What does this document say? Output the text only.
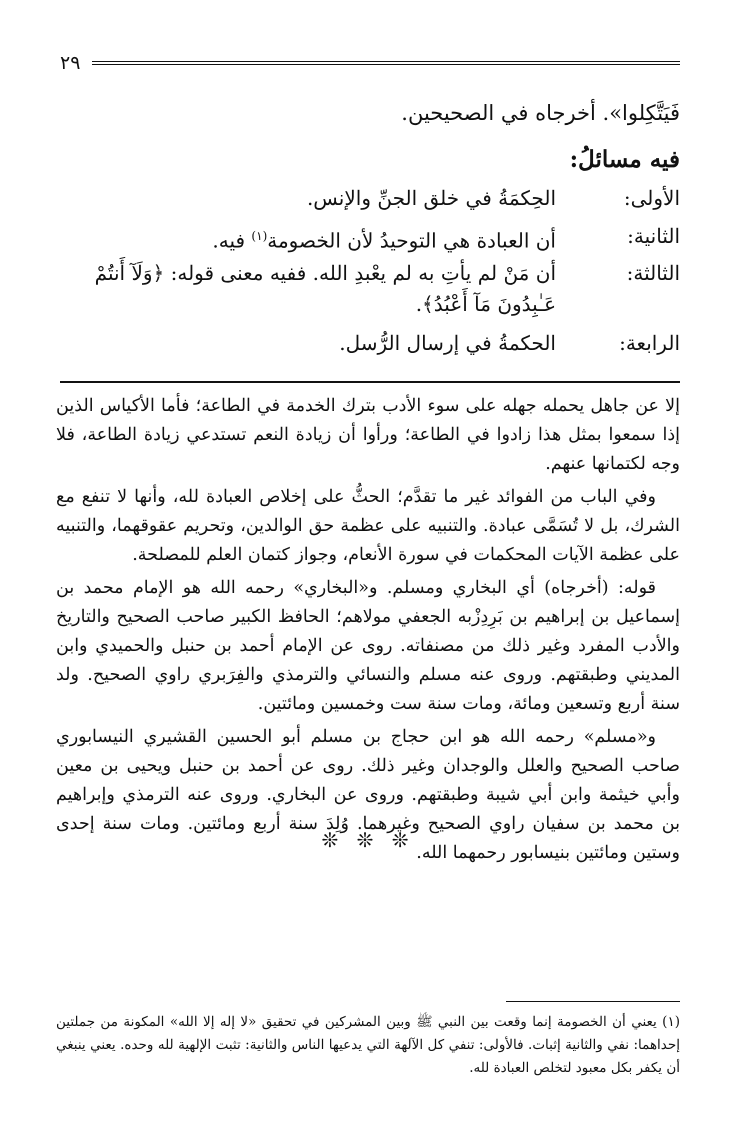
٢٩
فَيَتَّكِلوا». أخرجاه في الصحيحين.
فيه مسائلُ:
الأولى:
الحِكمَةُ في خلق الجنِّ والإنس.
الثانية:
أن العبادة هي التوحيدُ لأن الخصومة$^{(١)}$ فيه.
الثالثة:
أن مَنْ لم يأتِ به لم يعْبدِ الله. ففيه معنى قوله: ﴿وَلَآ أَنتُمْ عَـٰبِدُونَ مَآ أَعْبُدُ﴾.
الرابعة:
الحكمةُ في إرسال الرُّسل.

إلا عن جاهل يحمله جهله على سوء الأدب بترك الخدمة في الطاعة؛ فأما الأكياس الذين إذا سمعوا بمثل هذا زادوا في الطاعة؛ ورأوا أن زيادة النعم تستدعي زيادة الطاعة، فلا وجه لكتمانها عنهم.

وفي الباب من الفوائد غير ما تقدَّم؛ الحثُّ على إخلاص العبادة لله، وأنها لا تنفع مع الشرك، بل لا تُسَمَّى عبادة. والتنبيه على عظمة حق الوالدين، وتحريم عقوقهما، والتنبيه على عظمة الآيات المحكمات في سورة الأنعام، وجواز كتمان العلم للمصلحة.

قوله: (أخرجاه) أي البخاري ومسلم. و«البخاري» رحمه الله هو الإمام محمد بن إسماعيل بن إبراهيم بن بَرِدِزْبه الجعفي مولاهم؛ الحافظ الكبير صاحب الصحيح والتاريخ والأدب المفرد وغير ذلك من مصنفاته. روى عن الإمام أحمد بن حنبل والحميدي وابن المديني وطبقتهم. وروى عنه مسلم والنسائي والترمذي والفِرَبري راوي الصحيح. ولد سنة أربع وتسعين ومائة، ومات سنة ست وخمسين ومائتين.

و«مسلم» رحمه الله هو ابن حجاج بن مسلم أبو الحسين القشيري النيسابوري صاحب الصحيح والعلل والوجدان وغير ذلك. روى عن أحمد بن حنبل ويحيى بن معين وأبي خيثمة وابن أبي شيبة وطبقتهم. وروى عن البخاري. وروى عنه الترمذي وإبراهيم بن محمد بن سفيان راوي الصحيح وغيرهما. وُلِدَ سنة أربع ومائتين. ومات سنة إحدى وستين ومائتين بنيسابور رحمهما الله.

❊ ❊ ❊
(١) يعني أن الخصومة إنما وقعت بين النبي ﷺ وبين المشركين في تحقيق «لا إله إلا الله» المكونة من جملتين إحداهما: نفي والثانية إثبات. فالأولى: تنفي كل الآلهة التي يدعيها الناس والثانية: تثبت الإلهية لله وحده. يعني ينبغي أن يكفر بكل معبود لتخلص العبادة لله.
